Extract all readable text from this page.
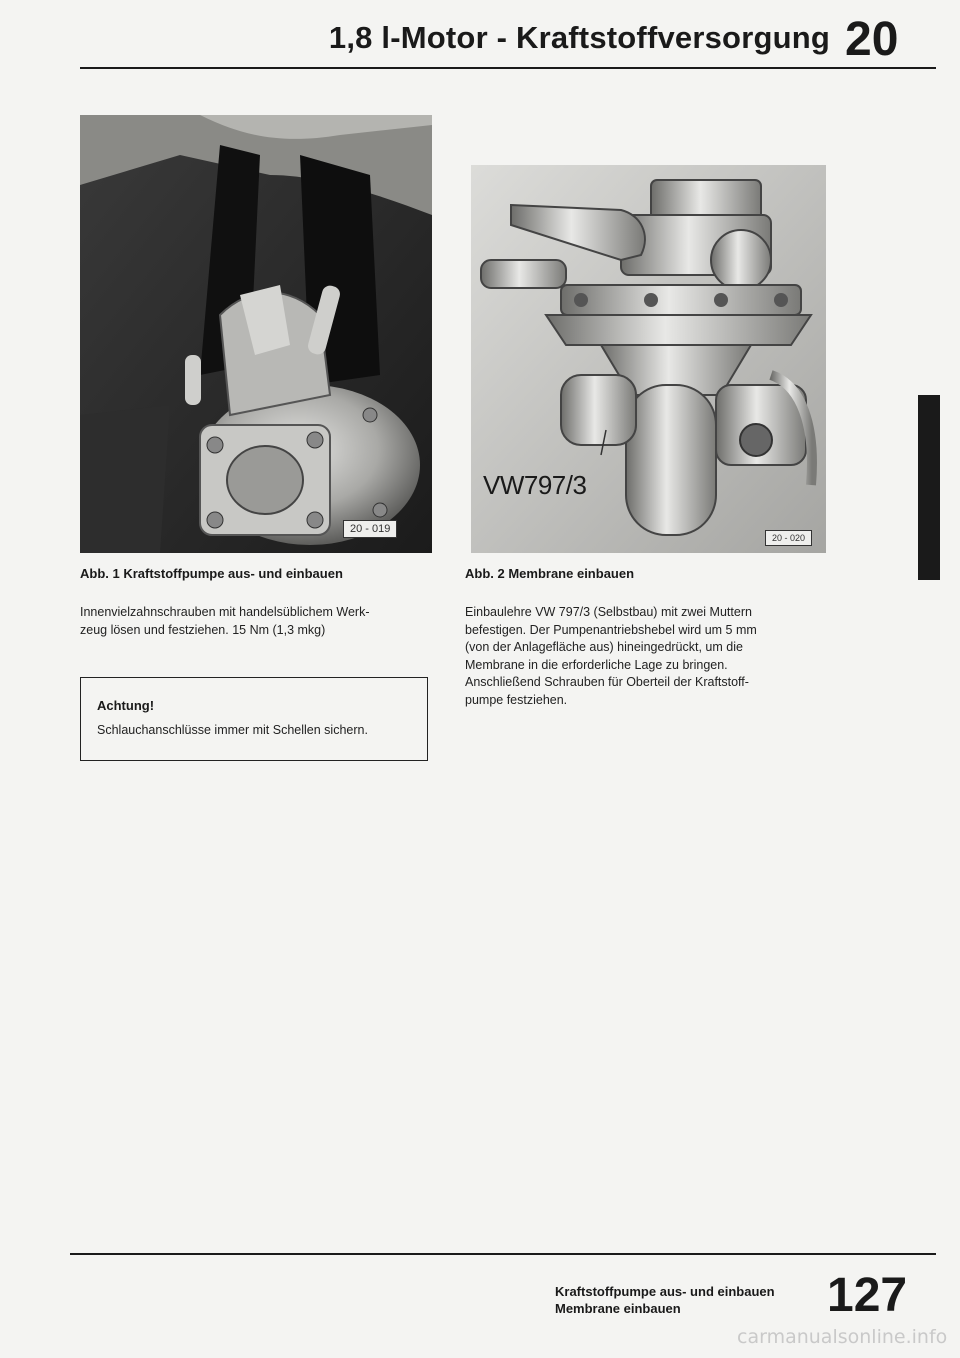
1,8 l-Motor - Kraftstoffversorgung 20
20 - 019
VW797/3
20 - 020
Abb. 1 Kraftstoffpumpe aus- und einbauen	Abb. 2 Membrane einbauen
Innenvielzahnschrauben mit handelsüblichem Werk-
zeug lösen und festziehen. 15 Nm (1,3 mkg)
Achtung!
Schlauchanschlüsse immer mit Schellen sichern.
Einbaulehre VW 797/3 (Selbstbau) mit zwei Muttern
befestigen. Der Pumpenantriebshebel wird um 5 mm
(von der Anlagefläche aus) hineingedrückt, um die
Membrane in die erforderliche Lage zu bringen.
Anschließend Schrauben für Oberteil der Kraftstoff-
pumpe festziehen.
Kraftstoffpumpe aus- und einbauen
Membrane einbauen	127
carmanualsonline.info
